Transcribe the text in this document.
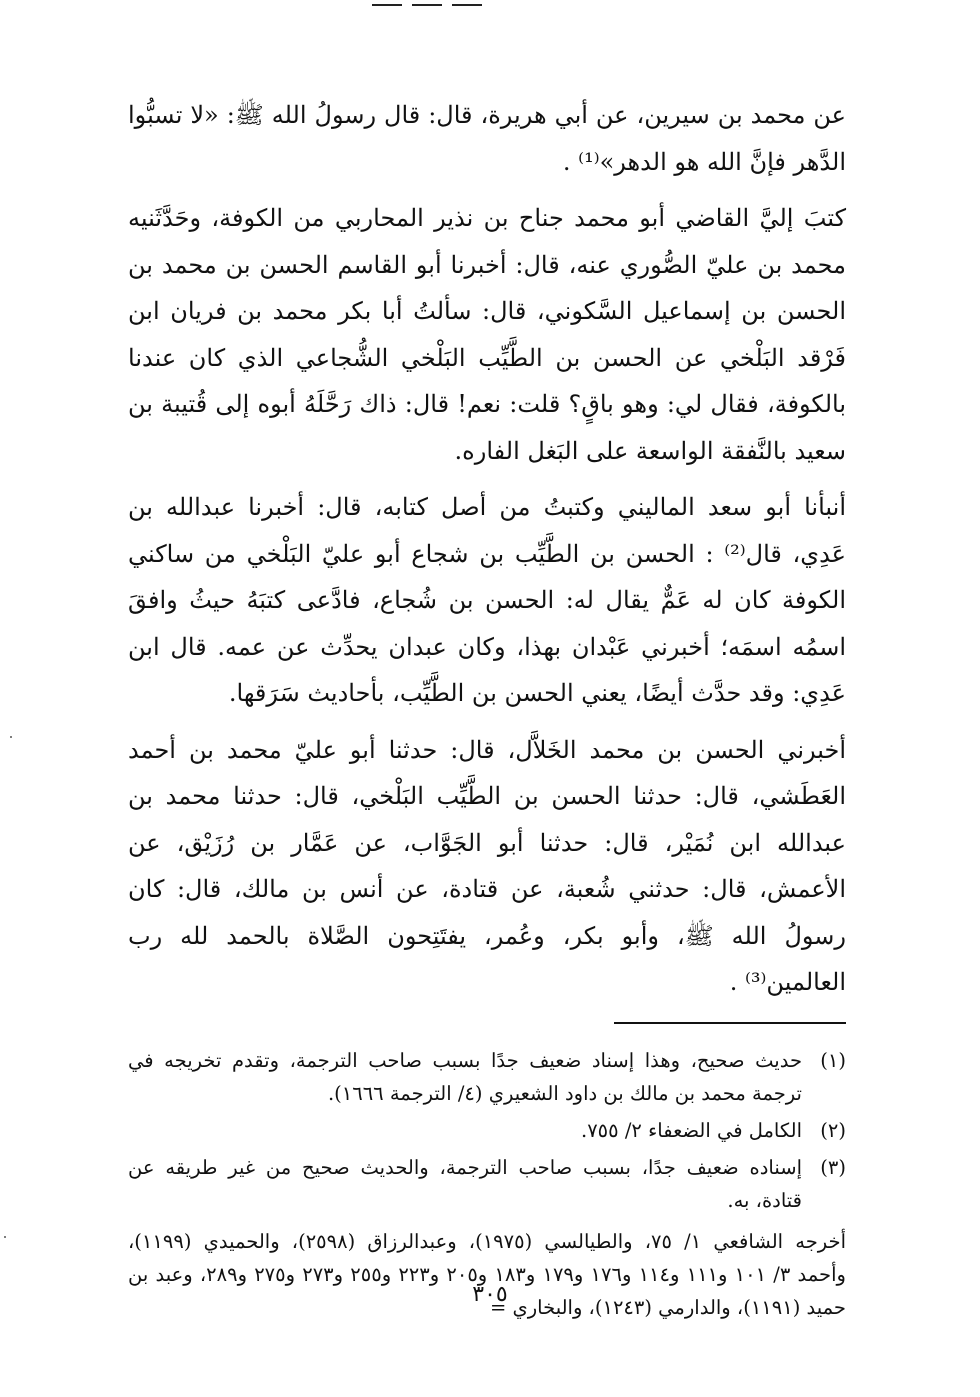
عن محمد بن سيرين، عن أبي هريرة، قال: قال رسولُ الله ﷺ: «لا تسبُّوا الدَّهر فإنَّ الله هو الدهر»⁽¹⁾ .

كتبَ إليَّ القاضي أبو محمد جناح بن نذير المحاربي من الكوفة، وحَدَّثَنيه محمد بن عليّ الصُّوري عنه، قال: أخبرنا أبو القاسم الحسن بن محمد بن الحسن بن إسماعيل السَّكوني، قال: سألتُ أبا بكر محمد بن فريان ابن فَرْقد البَلْخي عن الحسن بن الطَّيِّب البَلْخي الشُّجاعي الذي كان عندنا بالكوفة، فقال لي: وهو باقٍ؟ قلت: نعم! قال: ذاك رَحَّلَهُ أبوه إلى قُتيبة بن سعيد بالنَّفقة الواسعة على البَغل الفاره.

أنبأنا أبو سعد الماليني وكتبتُ من أصل كتابه، قال: أخبرنا عبدالله بن عَدِي، قال⁽²⁾ : الحسن بن الطَّيِّب بن شجاع أبو عليّ البَلْخي من ساكني الكوفة كان له عَمٌّ يقال له: الحسن بن شُجاع، فادَّعى كتبَهُ حيثُ وافقَ اسمُه اسمَه؛ أخبرني عَبْدان بهذا، وكان عبدان يحدِّث عن عمه. قال ابن عَدِي: وقد حدَّث أيضًا، يعني الحسن بن الطَّيِّب، بأحاديث سَرَقها.

أخبرني الحسن بن محمد الخَلاَّل، قال: حدثنا أبو عليّ محمد بن أحمد العَطَشي، قال: حدثنا الحسن بن الطَّيِّب البَلْخي، قال: حدثنا محمد بن عبدالله ابن نُمَيْر، قال: حدثنا أبو الجَوَّاب، عن عَمَّار بن رُزَيْق، عن الأعمش، قال: حدثني شُعبة، عن قتادة، عن أنس بن مالك، قال: كان رسولُ الله ﷺ، وأبو بكر، وعُمر، يفتَتِحون الصَّلاة بالحمد لله رب العالمين⁽³⁾ .

(١)
حديث صحيح، وهذا إسناد ضعيف جدًا بسبب صاحب الترجمة، وتقدم تخريجه في ترجمة محمد بن مالك بن داود الشعيري (٤/ الترجمة ١٦٦٦).
(٢)
الكامل في الضعفاء ٢/ ٧٥٥.
(٣)
إسناده ضعيف جدًا، بسبب صاحب الترجمة، والحديث صحيح من غير طريقه عن قتادة، به.
أخرجه الشافعي ١/ ٧٥، والطيالسي (١٩٧٥)، وعبدالرزاق (٢٥٩٨)، والحميدي (١١٩٩)، وأحمد ٣/ ١٠١ و١١١ و١١٤ و١٧٦ و١٧٩ و١٨٣ و٢٠٥ و٢٢٣ و٢٥٥ و٢٧٣ و٢٧٥ و٢٨٩، وعبد بن حميد (١١٩١)، والدارمي (١٢٤٣)، والبخاري =
٣٠٥
